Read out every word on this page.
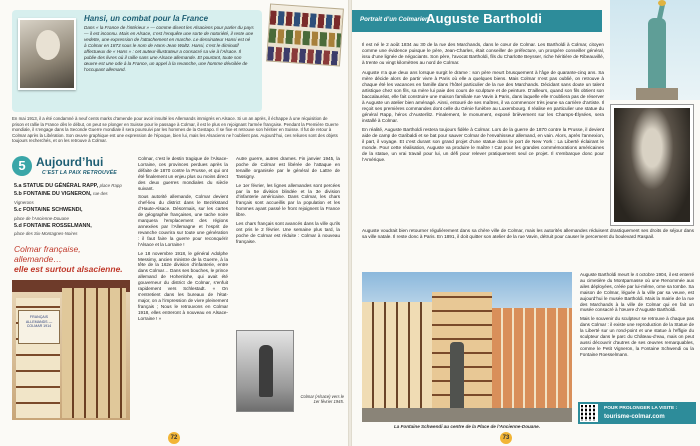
Hansi, un combat pour la France
Dans « la France de l’intérieur » — comme disent les Alsaciens pour parler du pays — il est inconnu. Mais en Alsace, c’est l’enquête une sorte de notoriété, il reste une vedette, une expression de l’attachement en marche. Le dessinateur Hansi est né à Colmar en 1873 sous le nom de Hans-Jean Waltz. Hansi, c’est le diminutif affectueux de « Hans » : cet auteur-illustrateur a consacré sa vie à l’Alsace. Il publie des livres où il raille sans une Alsace allemande. Et pourtant, toute son œuvre est une ode à la France, un appel à la revanche, une homme dévoilée de l’occupant allemand.
En mai 1913, il a été condamné à neuf cents marks d’amende pour avoir insulté les Allemands immigrés en Alsace. Si un an après, il échappe à une réquisition de prison et rallie la France dès le début, on peut se plonger en Suisse pour le passage à Colmar, il est le plus en rejoignant l’armée française. Pendant la Première Guerre mondiale, il s’engage dans la Seconde Guerre mondiale il sera poursuivi par les hommes de la Gestapo. Il se fixe et retrouve son héritier en Suisse. Il fut de retour à Colmar après la Libération. Son œuvre graphique est une expression de l’époque, bien lui, mais les Alsaciens ne l’oublient pas. Aujourd’hui, ces reliures sont des objets toujours recherchés, et on les retrouve à Colmar.
5 Aujourd’hui
C’EST LA PAIX RETROUVÉE
5.a STATUE DU GÉNÉRAL RAPP, place Rapp
5.b FONTAINE DU VIGNERON, rue des Vignerons
5.c FONTAINE SCHWENDI,
place de l’Ancienne-Douane
5.d FONTAINE ROSSELMANN,
place des Six-Montagnes-Noires
Colmar française, allemande…
elle est surtout alsacienne.
FRANÇAIS ALLEMANDS — COLMAR 1914

Colmar, c’est le destin tragique de l’Alsace-Lorraine, ces provinces perdues après la défaite de 1870 contre la Prusse, et qui ont été finalement un enjeu plus ou moins direct des deux guerres mondiales du siècle suivant.

Sous autorité allemande, Colmar devient chef-lieu du district dans le Bezirkstand d’Haute-Alsace. Désormais, sur les cartes de géographie françaises, une tache noire marquera l’emplacement des régions annexées par l’Allemagne et l’esprit de revanche couvrira sur toute une génération : il faut faire la guerre pour reconquérir l’Alsace et la Lorraine !

Le 18 novembre 1918, le général Adolphe Messimy, ancien ministre de la Guerre, à la tête de la 162e division d’infanterie, entre dans Colmar… Dans ses bouches, le prince allemand de Hohenlohe, qui avait été gouverneur du district de Colmar, s’enfuit rapidement vers Schlestadt. « On s’entretient dans les bureaux de l’état-major, on a l’impression de vivre pleinement français ; Nous le retrouvons en Colmar 1918, elles entreront à nouveau en Alsace-Lorraine ! »

Autre guerre, autres drames. Fin janvier 1945, la poche de Colmar est libérée de l’attaque en tenaille organisée par le général de Lattre de Tassigny.

Le 1er février, les lignes allemandes sont percées par la 5e division blindée et la 3e division d’infanterie américaine. Dans Colmar, les chars français sont accueillis par la population et les hommes ayant passé le front rejoignent la France libre.

Les chars français sont avancés dans la ville qu’ils ont pris le 2 février. Une semaine plus tard, la poche de Colmar est réduite : Colmar à nouveau française.

Colmar (Alsace) vers le 1er février 1945.
72
Portrait d’un Colmarien :
Auguste Bartholdi

Il est né le 2 août 1834 au 30 de la rue des Marchands, dans le cœur de Colmar. Les Bartholdi à Colmar, citoyen comme une évidence puisque le père, Jean-Charles, était conseiller de préfecture, un prospère conseiller général, issu d’une lignée de négociants. Son père, l’avocat Bartholdi, fils du Charlotte Beysser, riche héritière de Ribeauvillé, à trente ou vingt kilomètres au nord de Colmar.

Auguste n’a que deux ans lorsque surgit le drame : son père meurt brusquement à l’âge de quarante-cinq ans. Sa mère décide alors de partir vivre à Paris où elle a quelques biens. Mais Colmar n’est pas oublié, on retrouve à chaque été les vacances en famille dans l’hôtel particulier de la rue des Marchands. Décidant sans doute un talent artistique chez son fils, sa mère lui paie des cours de sculpture et de peinture. D’ailleurs, quand son fils obtient son baccalauréat, elle fait construire une maison familiale rue Vavin à Paris, dans laquelle elle n’oubliera pas de réserver à Auguste un atelier bien aménagé. Ainsi, entouré de ses maîtres, il va commencer très jeune sa carrière d’artiste. Il reçoit ses premières commandes dont celle du Génie funèbre au Luxembourg. Il réalise en particulier une statue du général Rapp, héros d’Austerlitz. Finalement, le monument, exposé brièvement sur les Champs-Élysées, sera installé à Colmar.

En réalité, Auguste Bartholdi restera toujours fidèle à Colmar. Lors de la guerre de 1870 contre la Prusse, il devient aide de camp de Garibaldi et se bat pour sauver Colmar de l’envahisseur allemand, en vain. Alors, après l’annexion, il part, il voyage. Et c’est durant son grand projet d’une statue dans le port de New York : La Liberté éclairant le monde. Pour cette réalisation, Auguste va produire le maître ! Car pour les grandes commémorations américaines de la statue, un vrai travail pour lui, un défi pour relever pratiquement seul ce projet. Il s’embarque donc pour l’Amérique.

Auguste voudrait bien retourner régulièrement dans sa chère ville de Colmar, mais les autorités allemandes réduisent drastiquement ses droits de séjour dans sa ville natale. Il reste donc à Paris. En 1891, il doit quitter son atelier de la rue Vavin, détruit pour causer le percement du boulevard Raspail.
La Fontaine Schwendi au centre de la Place de l’Ancienne-Douane.

Auguste Bartholdi meurt le 4 octobre 1904, il est enterré au cimetière du Montparnasse où une Renommée aux ailes déployées, créée par lui-même, orne sa tombe. Sa maison de Colmar, léguée à la ville par sa veuve, est aujourd’hui le musée Bartholdi. Mais la mairie de la rue des Marchands à la ville de Colmar qui en fait un musée consacré à l’œuvre d’Auguste Bartholdi.

Mais le souvenir du sculpteur se retrouve à chaque pas dans Colmar : il existe une reproduction de la Statue de la Liberté sur un rond-point et une statue à l’effigie du sculpteur dans le parc du Château-d’eau, mais on peut aussi découvrir d’autres de ses œuvres remarquables, comme le Petit Vigneron, la Fontaine Schwendi ou la Fontaine Roesselmann.

POUR PROLONGER LA VISITE :
tourisme-colmar.com
73
